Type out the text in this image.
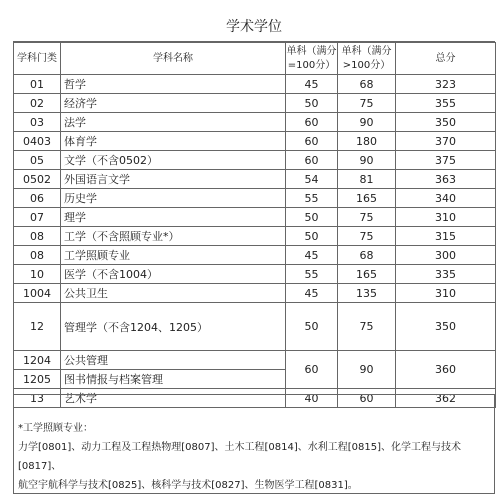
学术学位
学科门类	学科名称	单科（满分=100分）	单科（满分>100分）	总分
01	哲学	45	68	323
02	经济学	50	75	355
03	法学	60	90	350
0403	体育学	60	180	370
05	文学（不含0502）	60	90	375
0502	外国语言文学	54	81	363
06	历史学	55	165	340
07	理学	50	75	310
08	工学（不含照顾专业*）	50	75	315
08	工学照顾专业	45	68	300
10	医学（不含1004）	55	165	335
1004	公共卫生	45	135	310
12	管理学（不含1204、1205）	50	75	350
1204	公共管理	60	90	360
1205	图书情报与档案管理			
13	艺术学	40	60	362

*工学照顾专业：

力学[0801]、动力工程及工程热物理[0807]、土木工程[0814]、水利工程[0815]、化学工程与技术[0817]、

航空宇航科学与技术[0825]、核科学与技术[0827]、生物医学工程[0831]。
